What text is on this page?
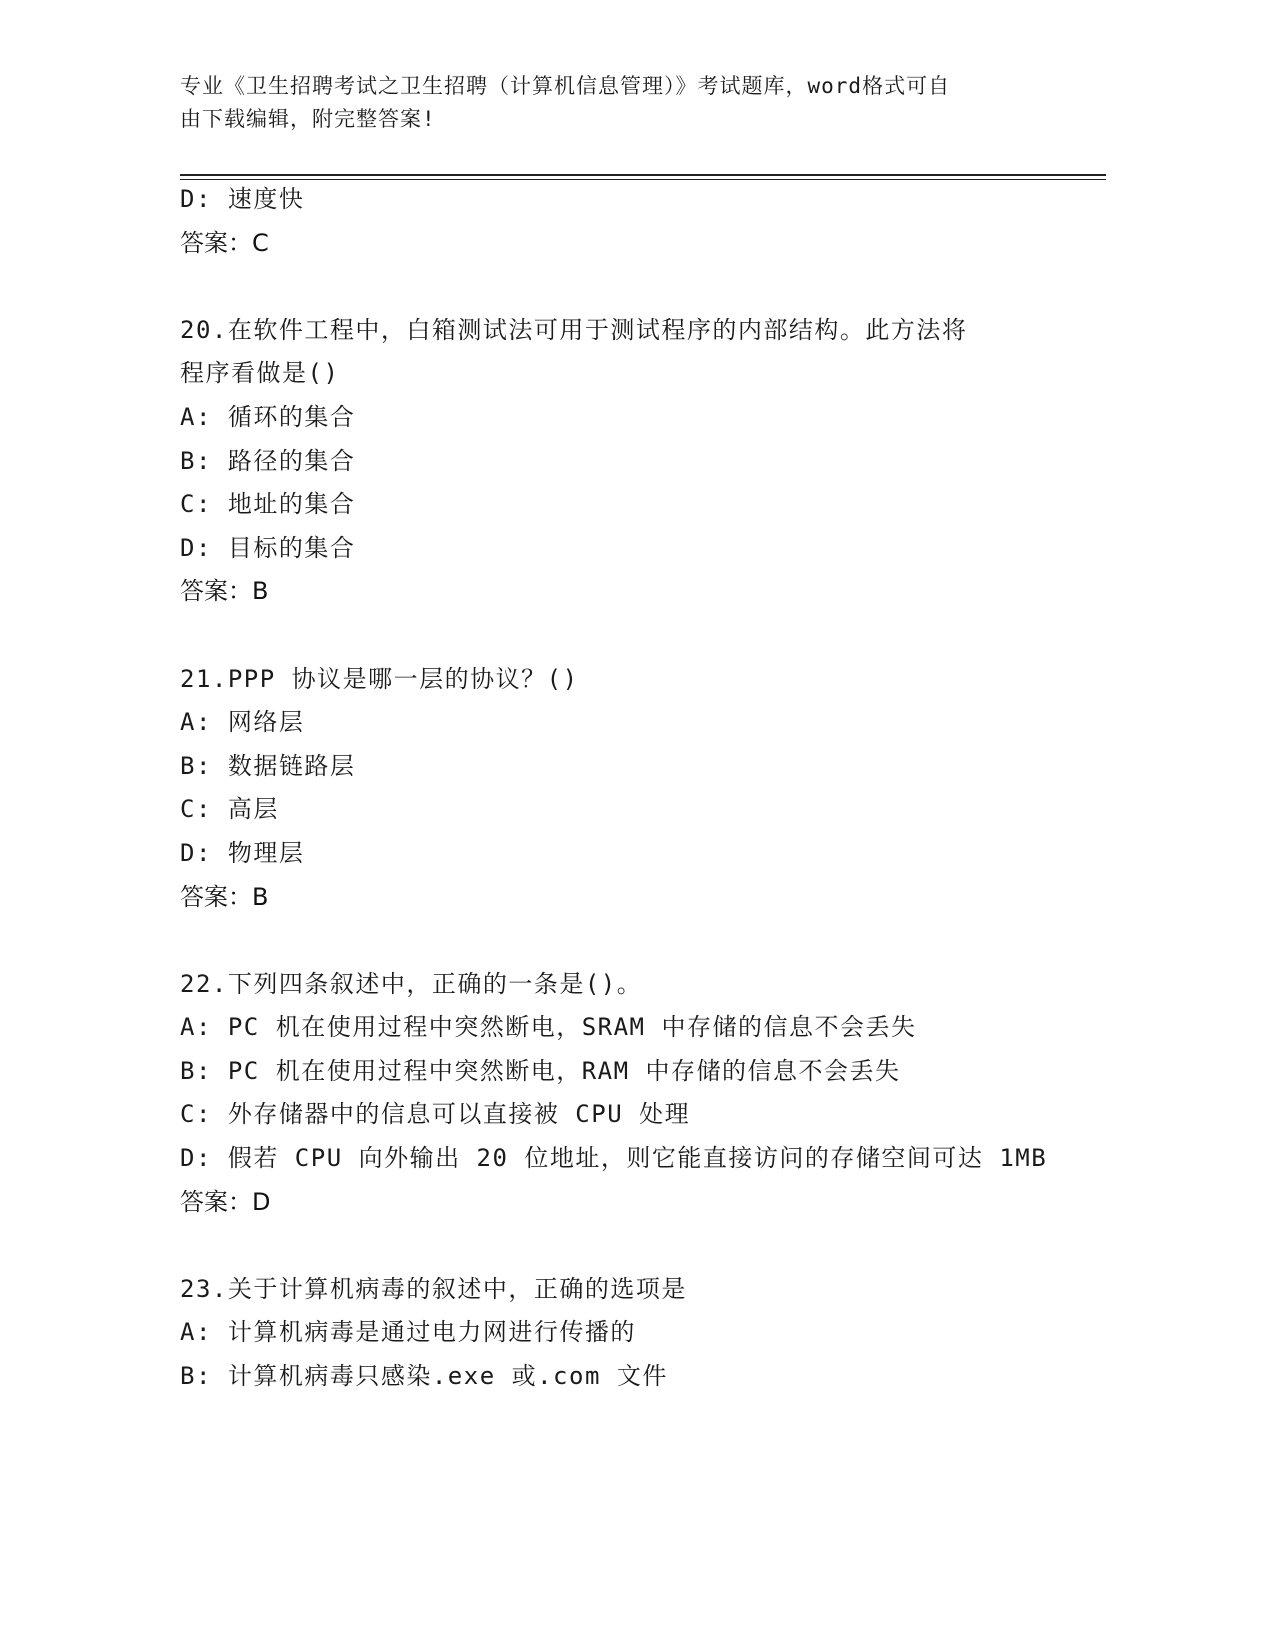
专业《卫生招聘考试之卫生招聘（计算机信息管理）》考试题库，word格式可自
由下载编辑，附完整答案!
D: 速度快
答案：C
20.在软件工程中，白箱测试法可用于测试程序的内部结构。此方法将
程序看做是()
A: 循环的集合
B: 路径的集合
C: 地址的集合
D: 目标的集合
答案：B
21.PPP 协议是哪一层的协议？()
A: 网络层
B: 数据链路层
C: 高层
D: 物理层
答案：B
22.下列四条叙述中，正确的一条是()。
A: PC 机在使用过程中突然断电，SRAM 中存储的信息不会丢失
B: PC 机在使用过程中突然断电，RAM 中存储的信息不会丢失
C: 外存储器中的信息可以直接被 CPU 处理
D: 假若 CPU 向外输出 20 位地址，则它能直接访问的存储空间可达 1MB
答案：D
23.关于计算机病毒的叙述中，正确的选项是
A: 计算机病毒是通过电力网进行传播的
B: 计算机病毒只感染.exe 或.com 文件
